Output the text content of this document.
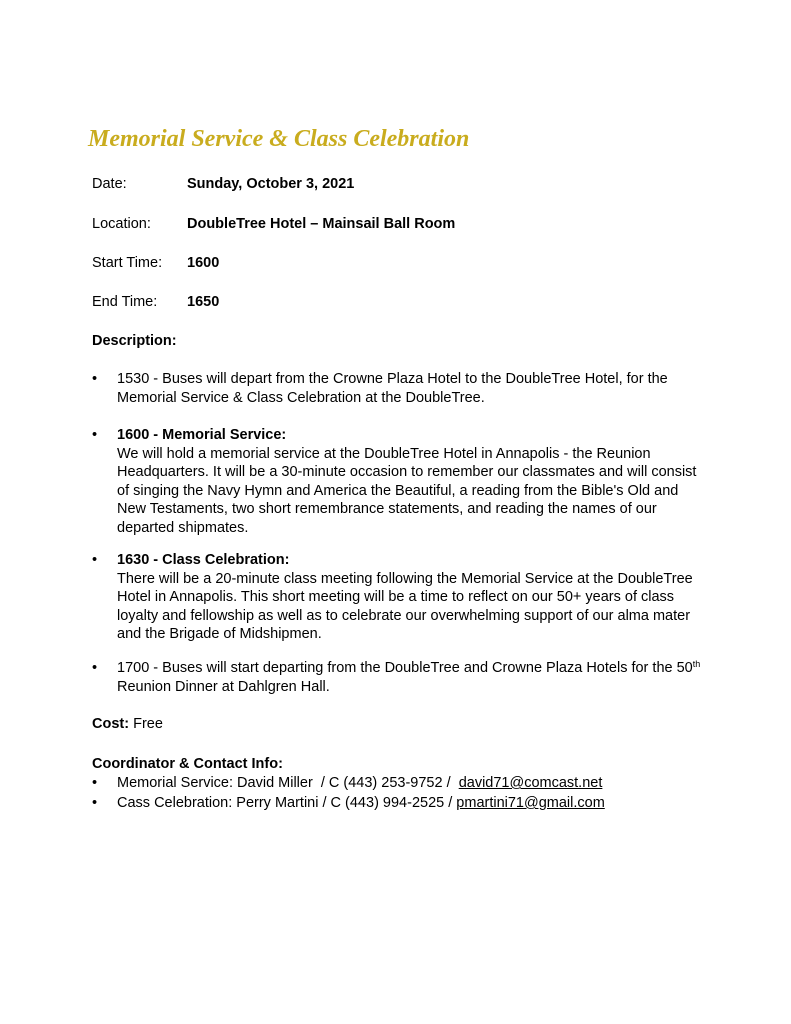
Memorial Service & Class Celebration
Date:	Sunday, October 3, 2021
Location: DoubleTree Hotel – Mainsail Ball Room
Start Time: 1600
End Time: 1650
Description:
•	1530 - Buses will depart from the Crowne Plaza Hotel to the DoubleTree Hotel, for the Memorial Service & Class Celebration at the DoubleTree.
•	1600 - Memorial Service:
We will hold a memorial service at the DoubleTree Hotel in Annapolis - the Reunion Headquarters. It will be a 30-minute occasion to remember our classmates and will consist of singing the Navy Hymn and America the Beautiful, a reading from the Bible's Old and New Testaments, two short remembrance statements, and reading the names of our departed shipmates.
•	1630 - Class Celebration:
There will be a 20-minute class meeting following the Memorial Service at the DoubleTree Hotel in Annapolis. This short meeting will be a time to reflect on our 50+ years of class loyalty and fellowship as well as to celebrate our overwhelming support of our alma mater and the Brigade of Midshipmen.
•	1700 - Buses will start departing from the DoubleTree and Crowne Plaza Hotels for the 50th Reunion Dinner at Dahlgren Hall.
Cost: Free
Coordinator & Contact Info:
• Memorial Service: David Miller  / C (443) 253-9752 /  david71@comcast.net
• Cass Celebration: Perry Martini / C (443) 994-2525 / pmartini71@gmail.com
